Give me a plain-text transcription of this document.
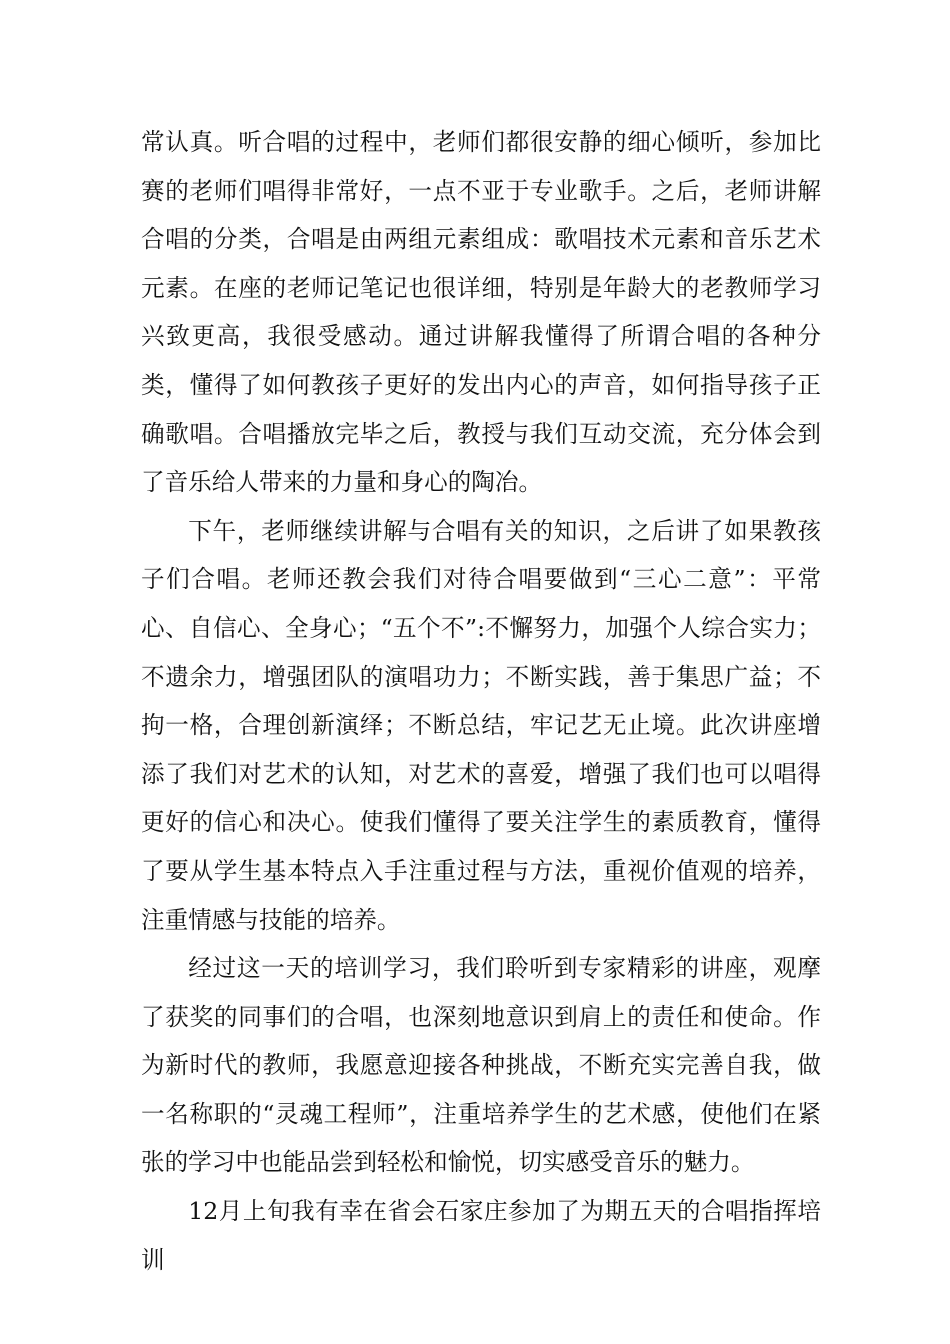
常认真。听合唱的过程中，老师们都很安静的细心倾听，参加比赛的老师们唱得非常好，一点不亚于专业歌手。之后，老师讲解合唱的分类，合唱是由两组元素组成：歌唱技术元素和音乐艺术元素。在座的老师记笔记也很详细，特别是年龄大的老教师学习兴致更高，我很受感动。通过讲解我懂得了所谓合唱的各种分类，懂得了如何教孩子更好的发出内心的声音，如何指导孩子正确歌唱。合唱播放完毕之后，教授与我们互动交流，充分体会到了音乐给人带来的力量和身心的陶冶。

下午，老师继续讲解与合唱有关的知识，之后讲了如果教孩子们合唱。老师还教会我们对待合唱要做到“三心二意”：平常心、自信心、全身心；“五个不”:不懈努力，加强个人综合实力；不遗余力，增强团队的演唱功力；不断实践，善于集思广益；不拘一格，合理创新演绎；不断总结，牢记艺无止境。此次讲座增添了我们对艺术的认知，对艺术的喜爱，增强了我们也可以唱得更好的信心和决心。使我们懂得了要关注学生的素质教育，懂得了要从学生基本特点入手注重过程与方法，重视价值观的培养，注重情感与技能的培养。

经过这一天的培训学习，我们聆听到专家精彩的讲座，观摩了获奖的同事们的合唱，也深刻地意识到肩上的责任和使命。作为新时代的教师，我愿意迎接各种挑战，不断充实完善自我，做一名称职的“灵魂工程师”，注重培养学生的艺术感，使他们在紧张的学习中也能品尝到轻松和愉悦，切实感受音乐的魅力。

12月上旬我有幸在省会石家庄参加了为期五天的合唱指挥培训
